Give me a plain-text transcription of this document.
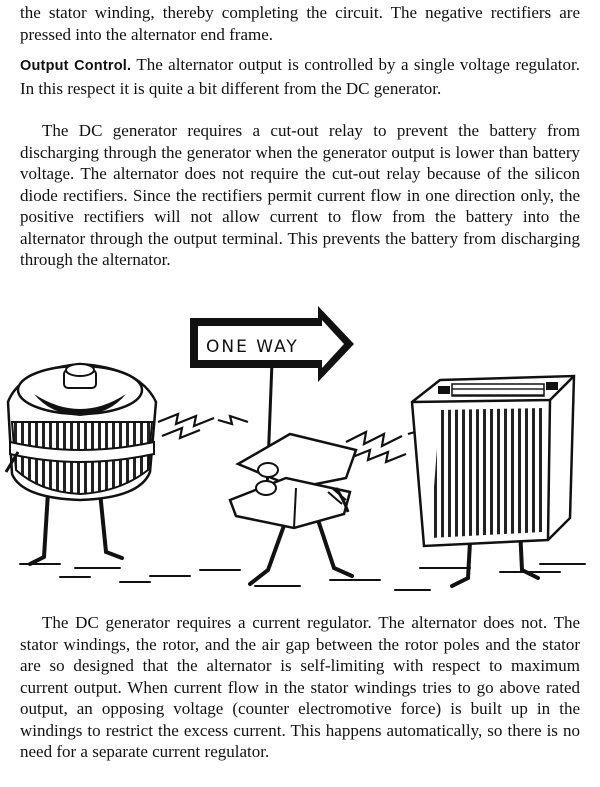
the stator winding, thereby completing the circuit. The negative rectifiers are pressed into the alternator end frame.

Output Control. The alternator output is controlled by a single voltage regulator. In this respect it is quite a bit different from the DC generator.

The DC generator requires a cut-out relay to prevent the battery from discharging through the generator when the generator output is lower than battery voltage. The alternator does not require the cut-out relay because of the silicon diode rectifiers. Since the rectifiers permit current flow in one direction only, the positive rectifiers will not allow current to flow from the battery into the alternator through the output terminal. This prevents the battery from discharging through the alternator.

ONE WAY

The DC generator requires a current regulator. The alternator does not. The stator windings, the rotor, and the air gap between the rotor poles and the stator are so designed that the alternator is self-limiting with respect to maximum current output. When current flow in the stator windings tries to go above rated output, an opposing voltage (counter electromotive force) is built up in the windings to restrict the excess current. This happens automatically, so there is no need for a separate current regulator.
